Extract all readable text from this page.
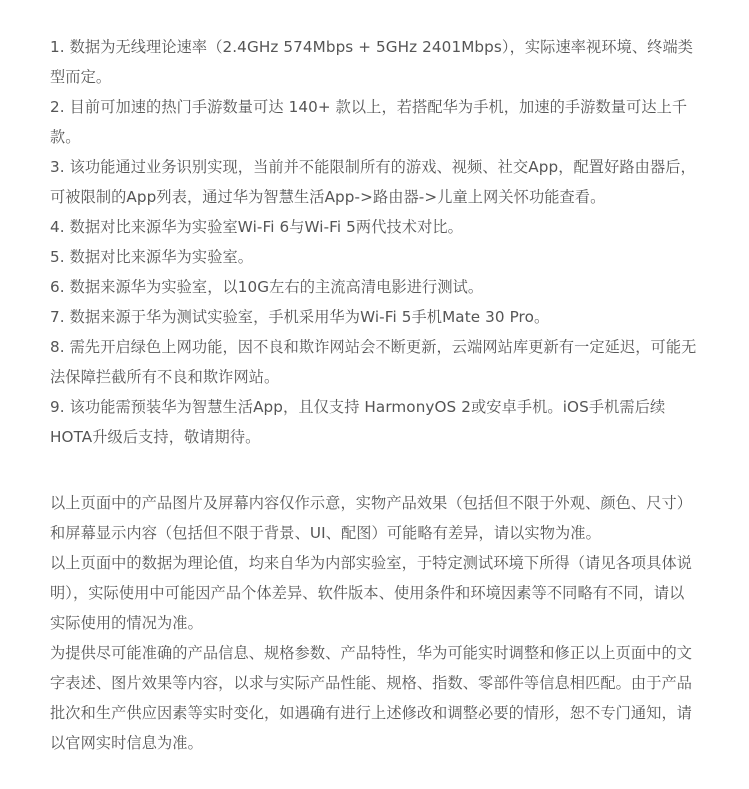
1. 数据为无线理论速率（2.4GHz 574Mbps + 5GHz 2401Mbps），实际速率视环境、终端类型而定。
2. 目前可加速的热门手游数量可达 140+ 款以上，若搭配华为手机，加速的手游数量可达上千款。
3. 该功能通过业务识别实现，当前并不能限制所有的游戏、视频、社交App，配置好路由器后，可被限制的App列表，通过华为智慧生活App->路由器->儿童上网关怀功能查看。
4. 数据对比来源华为实验室Wi-Fi 6与Wi-Fi 5两代技术对比。
5. 数据对比来源华为实验室。
6. 数据来源华为实验室，以10G左右的主流高清电影进行测试。
7. 数据来源于华为测试实验室，手机采用华为Wi-Fi 5手机Mate 30 Pro。
8. 需先开启绿色上网功能，因不良和欺诈网站会不断更新，云端网站库更新有一定延迟，可能无法保障拦截所有不良和欺诈网站。
9. 该功能需预装华为智慧生活App，且仅支持 HarmonyOS 2或安卓手机。iOS手机需后续HOTA升级后支持，敬请期待。

以上页面中的产品图片及屏幕内容仅作示意，实物产品效果（包括但不限于外观、颜色、尺寸）和屏幕显示内容（包括但不限于背景、UI、配图）可能略有差异，请以实物为准。

以上页面中的数据为理论值，均来自华为内部实验室，于特定测试环境下所得（请见各项具体说明），实际使用中可能因产品个体差异、软件版本、使用条件和环境因素等不同略有不同，请以实际使用的情况为准。

为提供尽可能准确的产品信息、规格参数、产品特性，华为可能实时调整和修正以上页面中的文字表述、图片效果等内容，以求与实际产品性能、规格、指数、零部件等信息相匹配。由于产品批次和生产供应因素等实时变化，如遇确有进行上述修改和调整必要的情形，恕不专门通知，请以官网实时信息为准。
